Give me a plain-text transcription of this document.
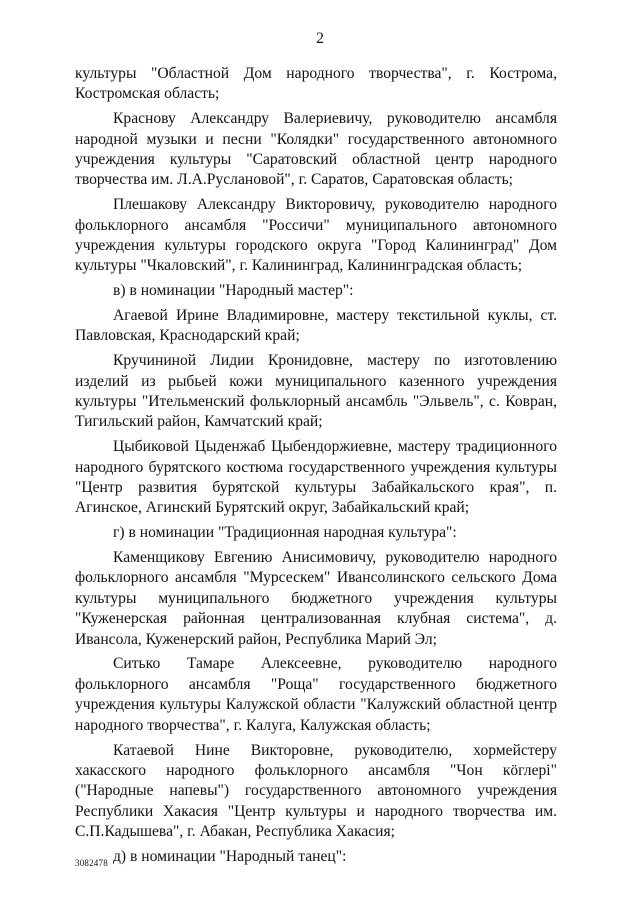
2

культуры "Областной Дом народного творчества", г. Кострома, Костромская область;

Краснову Александру Валериевичу, руководителю ансамбля народной музыки и песни "Колядки" государственного автономного учреждения культуры "Саратовский областной центр народного творчества им. Л.А.Руслановой", г. Саратов, Саратовская область;

Плешакову Александру Викторовичу, руководителю народного фольклорного ансамбля "Россичи" муниципального автономного учреждения культуры городского округа "Город Калининград" Дом культуры "Чкаловский", г. Калининград, Калининградская область;

в) в номинации "Народный мастер":

Агаевой Ирине Владимировне, мастеру текстильной куклы, ст. Павловская, Краснодарский край;

Кручининой Лидии Кронидовне, мастеру по изготовлению изделий из рыбьей кожи муниципального казенного учреждения культуры "Ительменский фольклорный ансамбль "Эльвель", с. Ковран, Тигильский район, Камчатский край;

Цыбиковой Цыденжаб Цыбендоржиевне, мастеру традиционного народного бурятского костюма государственного учреждения культуры "Центр развития бурятской культуры Забайкальского края", п. Агинское, Агинский Бурятский округ, Забайкальский край;

г) в номинации "Традиционная народная культура":

Каменщикову Евгению Анисимовичу, руководителю народного фольклорного ансамбля "Мурсескем" Ивансолинского сельского Дома культуры муниципального бюджетного учреждения культуры "Куженерская районная централизованная клубная система", д. Ивансола, Куженерский район, Республика Марий Эл;

Ситько Тамаре Алексеевне, руководителю народного фольклорного ансамбля "Роща" государственного бюджетного учреждения культуры Калужской области "Калужский областной центр народного творчества", г. Калуга, Калужская область;

Катаевой Нине Викторовне, руководителю, хормейстеру хакасского народного фольклорного ансамбля "Чон кӧглерi" ("Народные напевы") государственного автономного учреждения Республики Хакасия "Центр культуры и народного творчества им. С.П.Кадышева", г. Абакан, Республика Хакасия;

д) в номинации "Народный танец":

3082478
